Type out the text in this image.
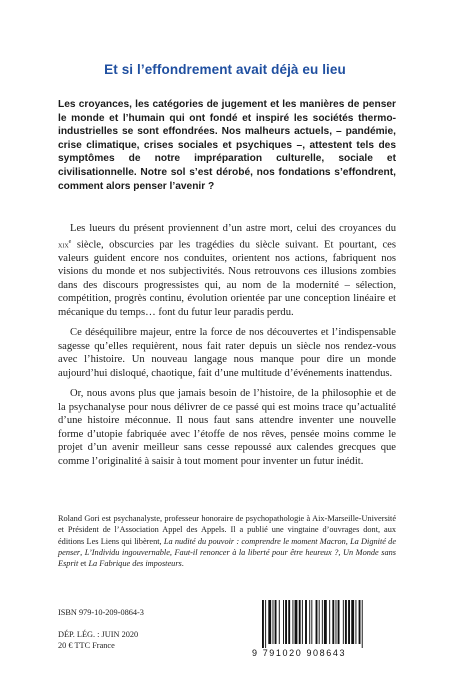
Et si l’effondrement avait déjà eu lieu

Les croyances, les catégories de jugement et les manières de penser le monde et l’humain qui ont fondé et inspiré les sociétés thermo-industrielles se sont effondrées. Nos malheurs actuels, – pandémie, crise climatique, crises sociales et psychiques –, attestent tels des symptômes de notre impréparation culturelle, sociale et civilisationnelle. Notre sol s’est dérobé, nos fondations s’effondrent, comment alors penser l’avenir ?

Les lueurs du présent proviennent d’un astre mort, celui des croyances du xix$^e$ siècle, obscurcies par les tragédies du siècle suivant. Et pourtant, ces valeurs guident encore nos conduites, orientent nos actions, fabriquent nos visions du monde et nos subjectivités. Nous retrouvons ces illusions zombies dans des discours progressistes qui, au nom de la modernité – sélection, compétition, progrès continu, évolution orientée par une conception linéaire et mécanique du temps… font du futur leur paradis perdu.

Ce déséquilibre majeur, entre la force de nos découvertes et l’indispensable sagesse qu’elles requièrent, nous fait rater depuis un siècle nos rendez-vous avec l’histoire. Un nouveau langage nous manque pour dire un monde aujourd’hui disloqué, chaotique, fait d’une multitude d’événements inattendus.

Or, nous avons plus que jamais besoin de l’histoire, de la philosophie et de la psychanalyse pour nous délivrer de ce passé qui est moins trace qu’actualité d’une histoire méconnue. Il nous faut sans attendre inventer une nouvelle forme d’utopie fabriquée avec l’étoffe de nos rêves, pensée moins comme le projet d’un avenir meilleur sans cesse repoussé aux calendes grecques que comme l’originalité à saisir à tout moment pour inventer un futur inédit.

Roland Gori est psychanalyste, professeur honoraire de psychopathologie à Aix-Marseille-Université et Président de l’Association Appel des Appels. Il a publié une vingtaine d’ouvrages dont, aux éditions Les Liens qui libèrent, La nudité du pouvoir : comprendre le moment Macron, La Dignité de penser, L’Individu ingouvernable, Faut-il renoncer à la liberté pour être heureux ?, Un Monde sans Esprit et La Fabrique des imposteurs.

ISBN 979-10-209-0864-3

DÉP. LÉG. : JUIN 2020
20 € TTC France

9 791020 908643
